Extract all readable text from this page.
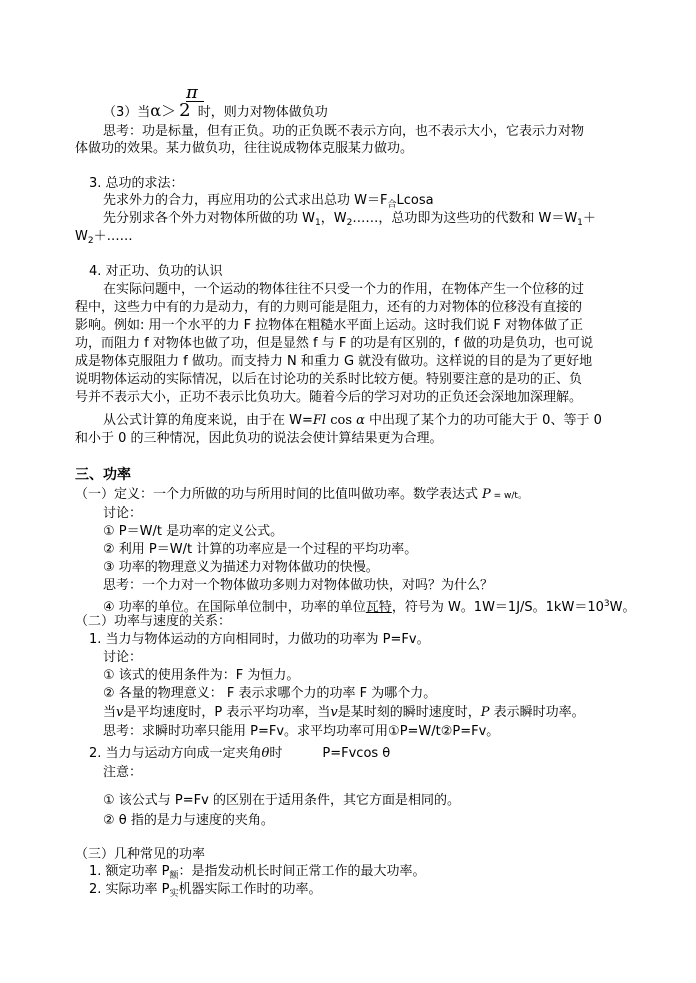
π
（3）当α＞ 2 时，则力对物体做负功
思考：功是标量，但有正负。功的正负既不表示方向，也不表示大小，它表示力对物
体做功的效果。某力做负功，往往说成物体克服某力做功。
3. 总功的求法：
先求外力的合力，再应用功的公式求出总功 $W=F_合Lcosa$
先分别求各个外力对物体所做的功 $W_1$，$W_2\dots\dots$，总功即为这些功的代数和 $W=W_1+$
$W_2+\dots\dots$
4. 对正功、负功的认识
在实际问题中，一个运动的物体往往不只受一个力的作用，在物体产生一个位移的过
程中，这些力中有的力是动力，有的力则可能是阻力，还有的力对物体的位移没有直接的
影响。例如: 用一个水平的力 F 拉物体在粗糙水平面上运动。这时我们说 F 对物体做了正
功，而阻力 f 对物体也做了功，但是显然 f 与 F 的功是有区别的，f 做的功是负功，也可说
成是物体克服阻力 f 做功。而支持力 N 和重力 G 就没有做功。这样说的目的是为了更好地
说明物体运动的实际情况，以后在讨论功的关系时比较方便。特别要注意的是功的正、负
号并不表示大小，正功不表示比负功大。随着今后的学习对功的正负还会深地加深理解。
从公式计算的角度来说，由于在 W=Fl cos α 中出现了某个力的功可能大于 0、等于 0
和小于 0 的三种情况，因此负功的说法会使计算结果更为合理。
三、功率
（一）定义：一个力所做的功与所用时间的比值叫做功率。数学表达式 P = w/t。
讨论：
① P＝W/t 是功率的定义公式。
② 利用 P＝W/t 计算的功率应是一个过程的平均功率。
③ 功率的物理意义为描述力对物体做功的快慢。
思考：一个力对一个物体做功多则力对物体做功快，对吗？为什么？
④ 功率的单位。在国际单位制中，功率的单位瓦特，符号为 W。1W＝1J/S。$1kW=10^3W$。
（二）功率与速度的关系：
1. 当力与物体运动的方向相同时，力做功的功率为 P=Fv。
讨论：
① 该式的使用条件为：F 为恒力。
② 各量的物理意义： F 表示求哪个力的功率 F 为哪个力。
当v是平均速度时，P 表示平均功率，当v是某时刻的瞬时速度时，P 表示瞬时功率。
思考：求瞬时功率只能用 P=Fv。求平均功率可用①P=W/t②P=Fv。
2. 当力与运动方向成一定夹角θ时	P=Fvcos θ
注意：
① 该公式与 P=Fv 的区别在于适用条件，其它方面是相同的。
② θ 指的是力与速度的夹角。
（三）几种常见的功率
1. 额定功率 $P_额$：是指发动机长时间正常工作的最大功率。
2. 实际功率 $P_实$机器实际工作时的功率。
